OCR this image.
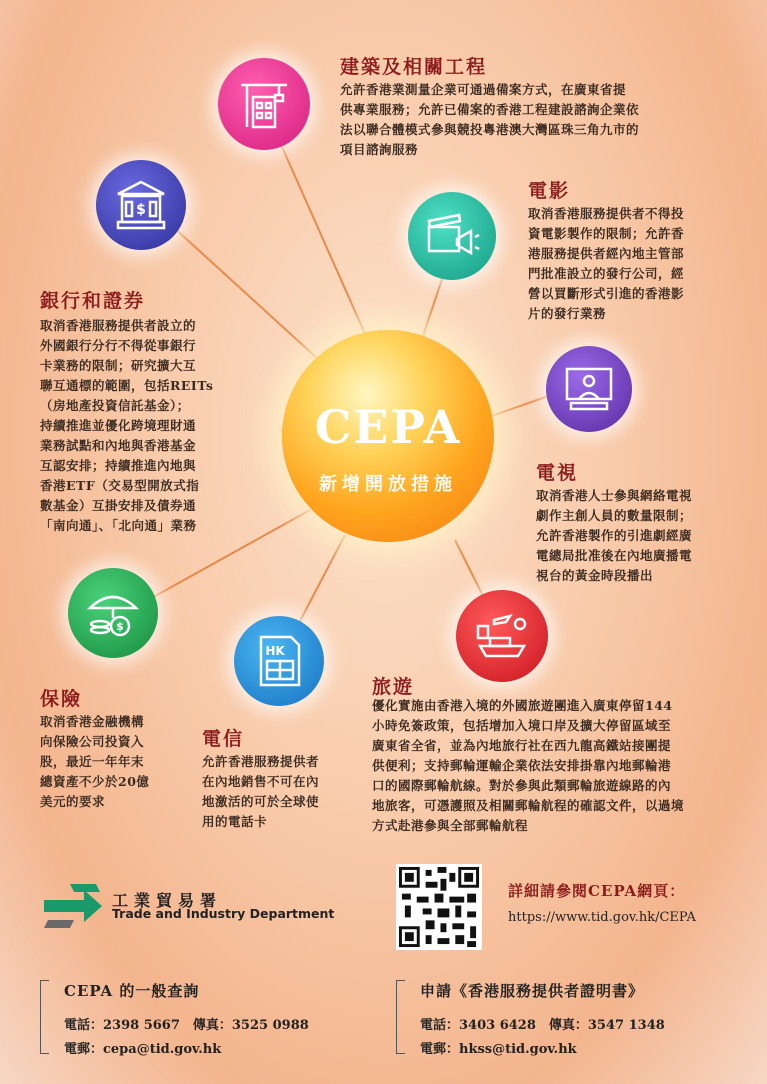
建築及相關工程
允許香港業測量企業可通過備案方式，在廣東省提
供專業服務；允許已備案的香港工程建設諮詢企業依
法以聯合體模式參與競投粵港澳大灣區珠三角九市的
項目諮詢服務
$
銀行和證券
取消香港服務提供者設立的
外國銀行分行不得從事銀行
卡業務的限制；研究擴大互
聯互通標的範圍，包括REITs
（房地產投資信託基金）；
持續推進並優化跨境理財通
業務試點和內地與香港基金
互認安排；持續推進內地與
香港ETF（交易型開放式指
數基金）互掛安排及債券通
「南向通」、「北向通」業務
電影
取消香港服務提供者不得投
資電影製作的限制；允許香
港服務提供者經內地主管部
門批准設立的發行公司，經
營以買斷形式引進的香港影
片的發行業務
電視
取消香港人士參與網絡電視
劇作主創人員的數量限制；
允許香港製作的引進劇經廣
電總局批准後在內地廣播電
視台的黃金時段播出
CEPA
新增開放措施
$
保險
取消香港金融機構
向保險公司投資入
股，最近一年年末
總資產不少於20億
美元的要求
HK
電信
允許香港服務提供者
在內地銷售不可在內
地激活的可於全球使
用的電話卡
旅遊
優化實施由香港入境的外國旅遊團進入廣東停留144
小時免簽政策，包括增加入境口岸及擴大停留區域至
廣東省全省，並為內地旅行社在西九龍高鐵站接團提
供便利；支持郵輪運輸企業依法安排掛靠內地郵輪港
口的國際郵輪航線。對於參與此類郵輪旅遊線路的內
地旅客，可憑護照及相關郵輪航程的確認文件，以過境
方式赴港參與全部郵輪航程
工業貿易署
Trade and Industry Department
詳細請參閱CEPA網頁：
https://www.tid.gov.hk/CEPA
CEPA 的一般查詢
電話：2398 5667　傳真：3525 0988
電郵：cepa@tid.gov.hk
申請《香港服務提供者證明書》
電話：3403 6428　傳真：3547 1348
電郵：hkss@tid.gov.hk
